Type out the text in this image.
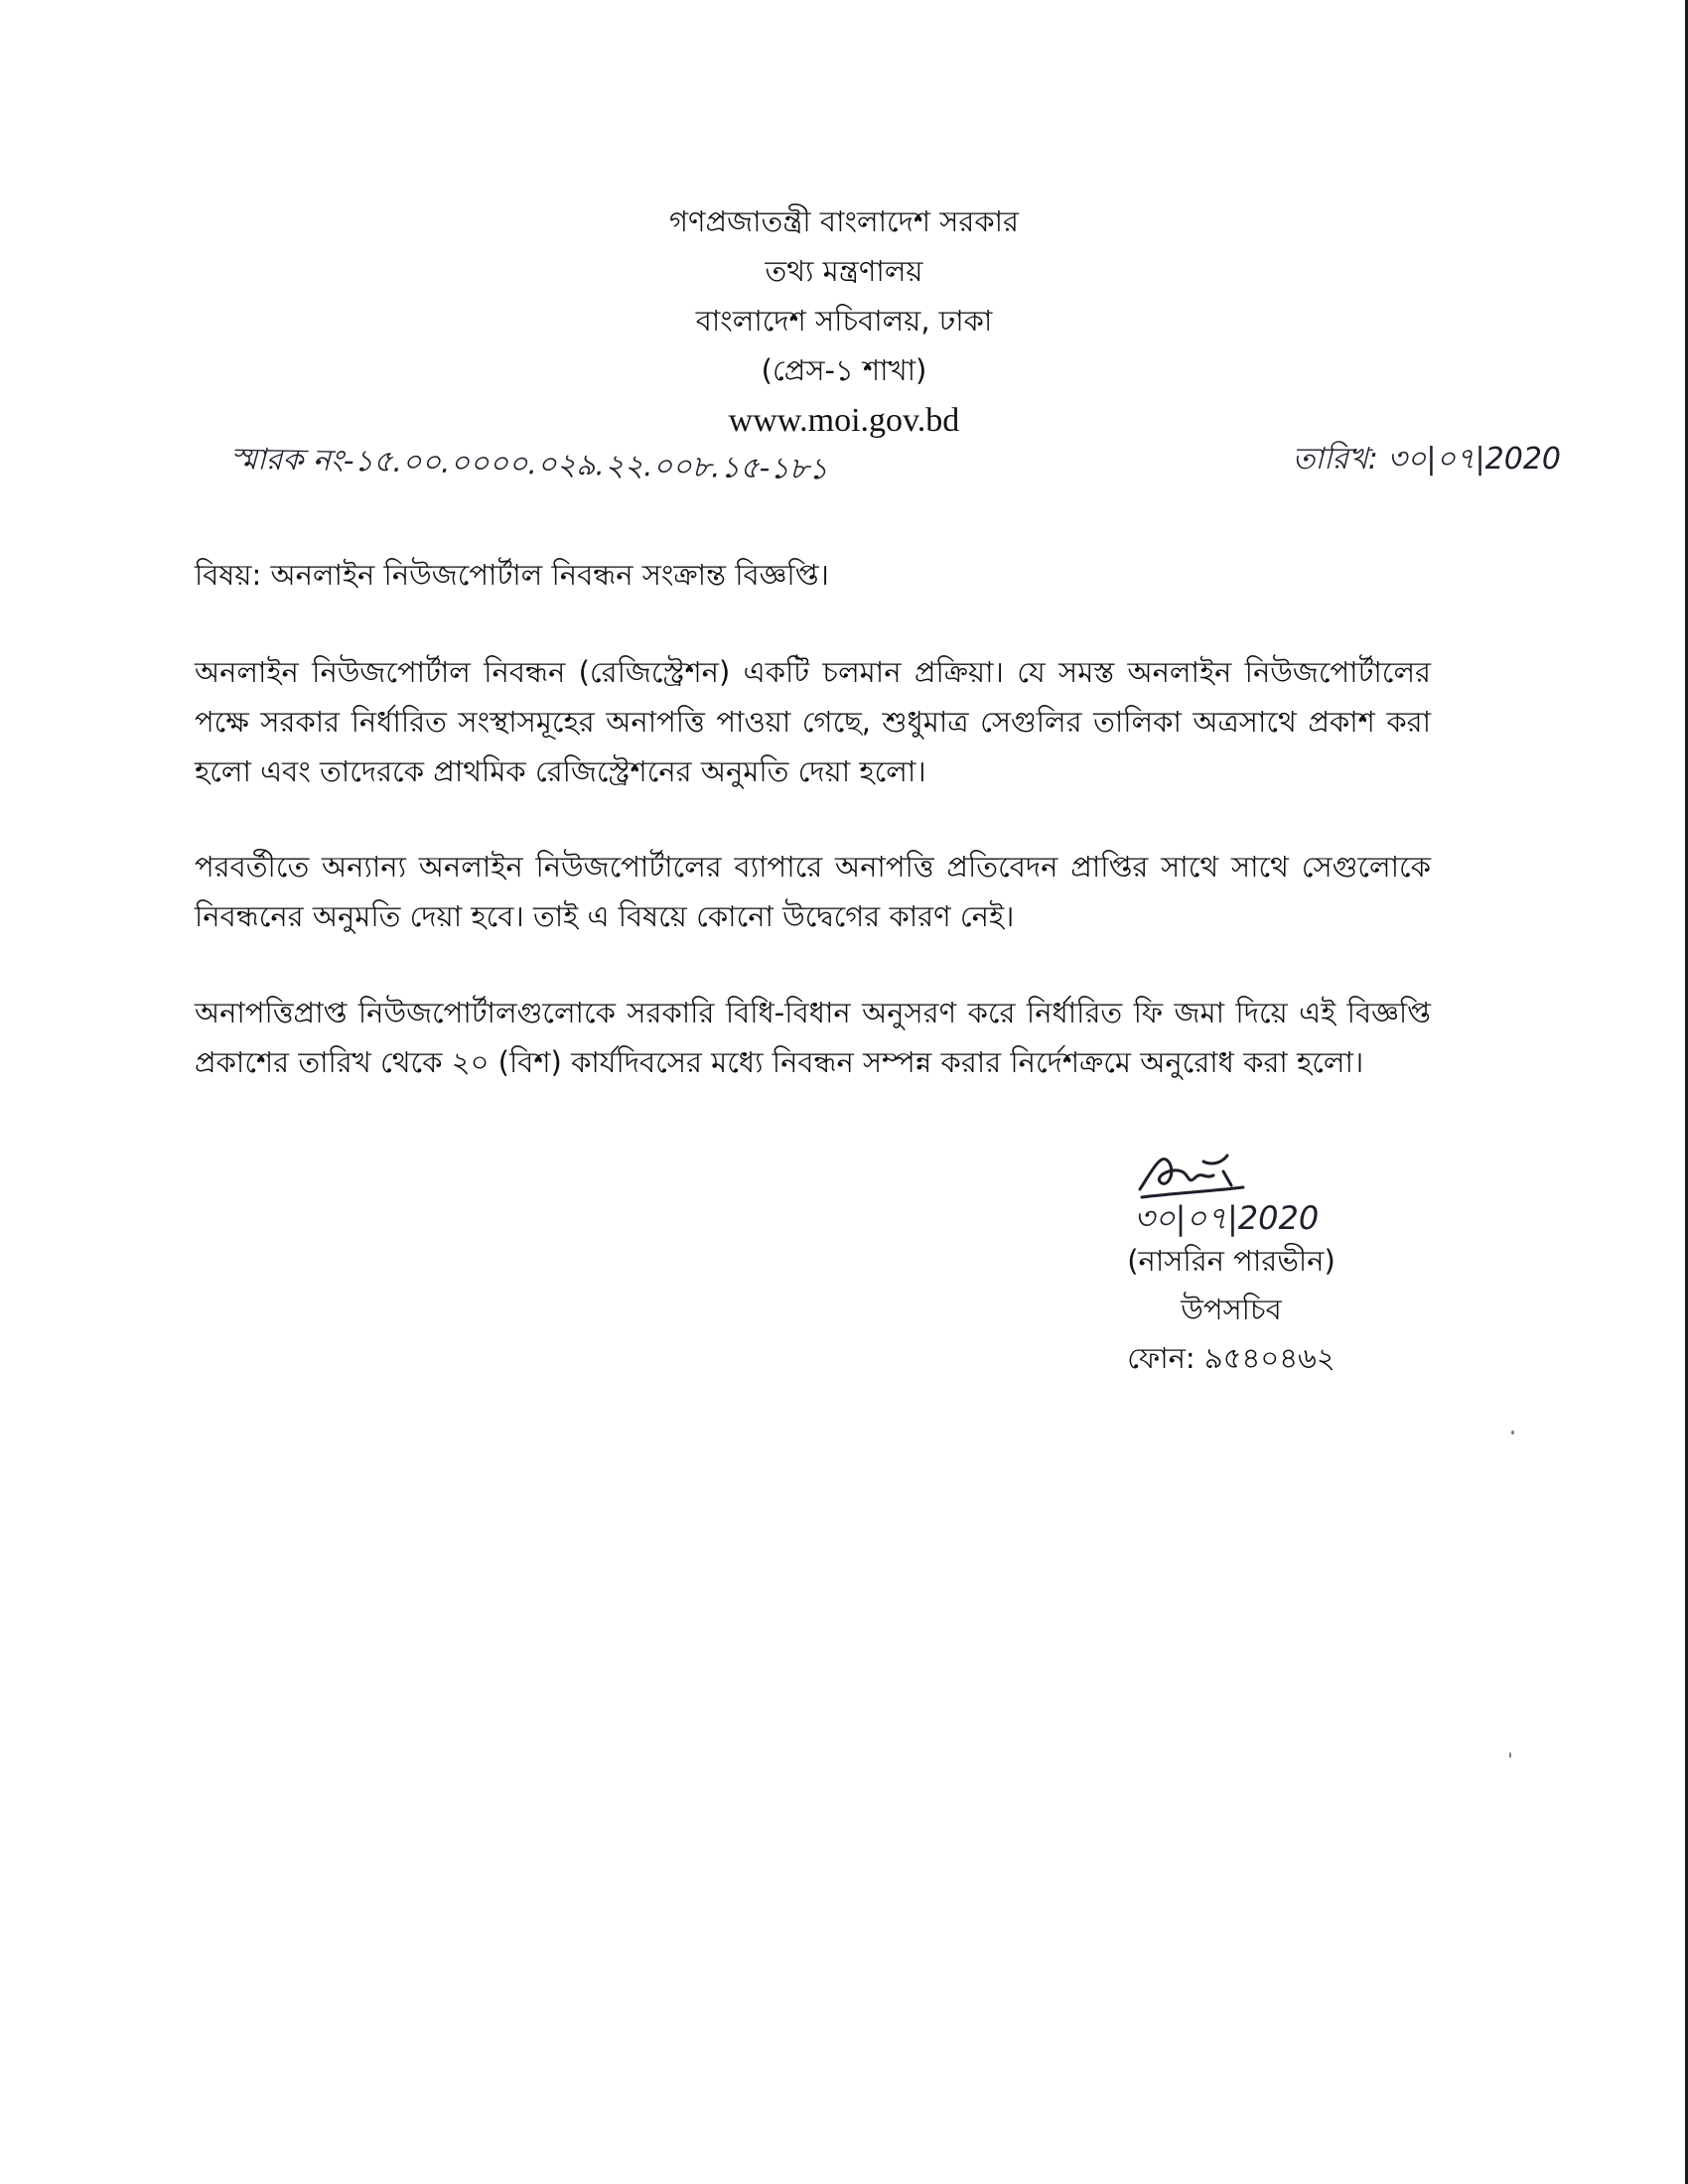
গণপ্রজাতন্ত্রী বাংলাদেশ সরকার
তথ্য মন্ত্রণালয়
বাংলাদেশ সচিবালয়, ঢাকা
(প্রেস-১ শাখা)
www.moi.gov.bd
স্মারক নং-১৫.০০.০০০০.০২৯.২২.০০৮.১৫-১৮১	তারিখ: ৩০|০৭|2020
বিষয়: অনলাইন নিউজপোর্টাল নিবন্ধন সংক্রান্ত বিজ্ঞপ্তি।
অনলাইন নিউজপোর্টাল নিবন্ধন (রেজিস্ট্রেশন) একটি চলমান প্রক্রিয়া। যে সমস্ত অনলাইন নিউজপোর্টালের পক্ষে সরকার নির্ধারিত সংস্থাসমূহের অনাপত্তি পাওয়া গেছে, শুধুমাত্র সেগুলির তালিকা অত্রসাথে প্রকাশ করা হলো এবং তাদেরকে প্রাথমিক রেজিস্ট্রেশনের অনুমতি দেয়া হলো।
পরবর্তীতে অন্যান্য অনলাইন নিউজপোর্টালের ব্যাপারে অনাপত্তি প্রতিবেদন প্রাপ্তির সাথে সাথে সেগুলোকে নিবন্ধনের অনুমতি দেয়া হবে। তাই এ বিষয়ে কোনো উদ্বেগের কারণ নেই।
অনাপত্তিপ্রাপ্ত নিউজপোর্টালগুলোকে সরকারি বিধি-বিধান অনুসরণ করে নির্ধারিত ফি জমা দিয়ে এই বিজ্ঞপ্তি প্রকাশের তারিখ থেকে ২০ (বিশ) কার্যদিবসের মধ্যে নিবন্ধন সম্পন্ন করার নির্দেশক্রমে অনুরোধ করা হলো।
৩০|০৭|2020
(নাসরিন পারভীন)
উপসচিব
ফোন: ৯৫৪০৪৬২
